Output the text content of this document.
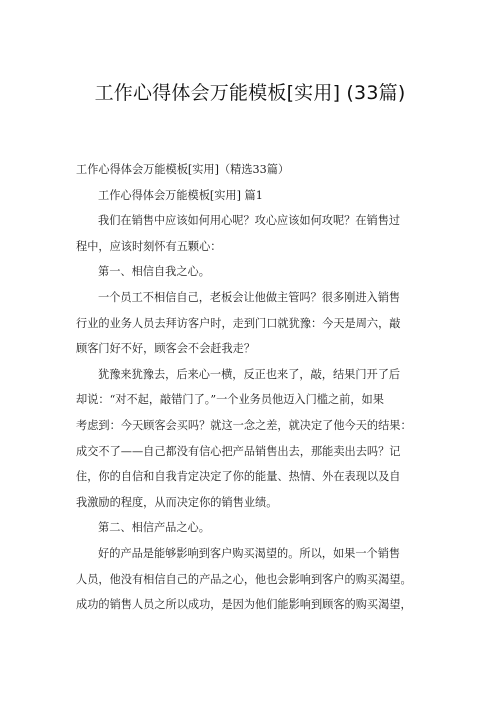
工作心得体会万能模板[实用] (33篇)
工作心得体会万能模板[实用]（精选33篇）
工作心得体会万能模板[实用] 篇1
我们在销售中应该如何用心呢？攻心应该如何攻呢？在销售过
程中，应该时刻怀有五颗心：
第一、相信自我之心。
一个员工不相信自己，老板会让他做主管吗？很多刚进入销售
行业的业务人员去拜访客户时，走到门口就犹豫：今天是周六，敲
顾客门好不好，顾客会不会赶我走？
犹豫来犹豫去，后来心一横，反正也来了，敲，结果门开了后
却说：“对不起，敲错门了。”一个业务员他迈入门槛之前，如果
考虑到：今天顾客会买吗？就这一念之差，就决定了他今天的结果：
成交不了——自己都没有信心把产品销售出去，那能卖出去吗？记
住，你的自信和自我肯定决定了你的能量、热情、外在表现以及自
我激励的程度，从而决定你的销售业绩。
第二、相信产品之心。
好的产品是能够影响到客户购买渴望的。所以，如果一个销售
人员，他没有相信自己的产品之心，他也会影响到客户的购买渴望。
成功的销售人员之所以成功，是因为他们能影响到顾客的购买渴望，
